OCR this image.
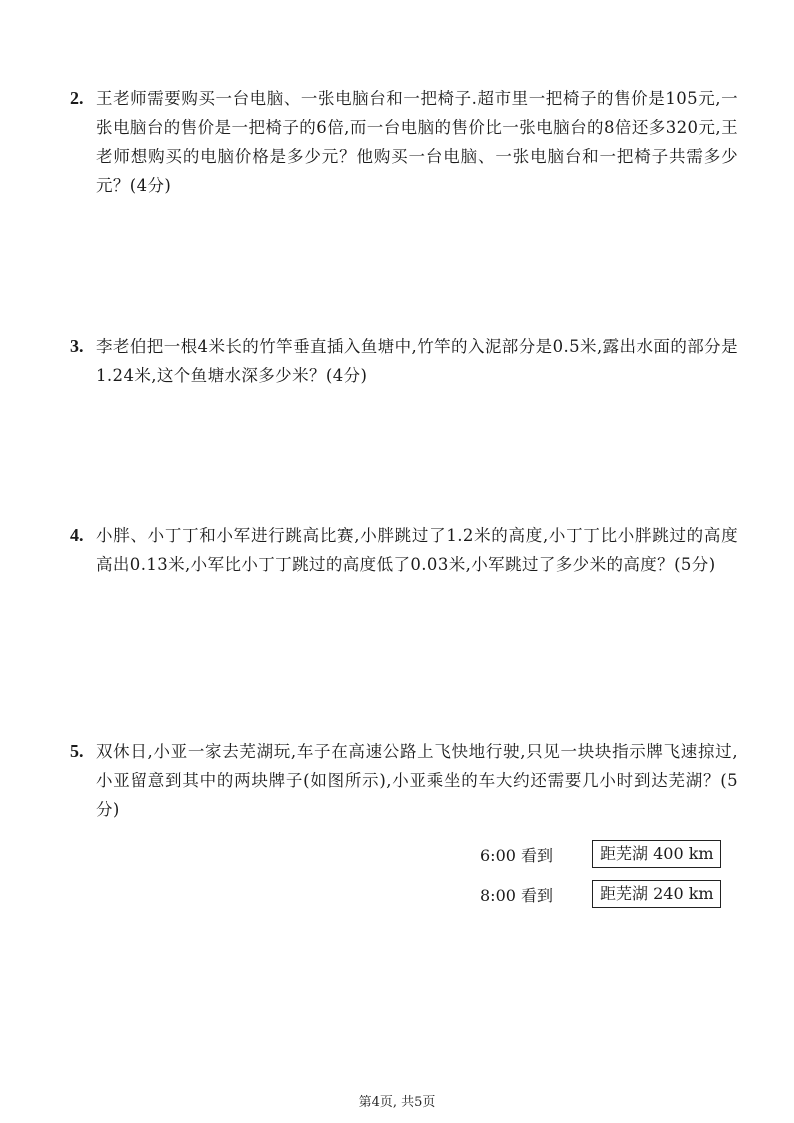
2. 王老师需要购买一台电脑、一张电脑台和一把椅子.超市里一把椅子的售价是105元,一张电脑台的售价是一把椅子的6倍,而一台电脑的售价比一张电脑台的8倍还多320元,王老师想购买的电脑价格是多少元？他购买一台电脑、一张电脑台和一把椅子共需多少元？(4分)
3. 李老伯把一根4米长的竹竿垂直插入鱼塘中,竹竿的入泥部分是0.5米,露出水面的部分是1.24米,这个鱼塘水深多少米？(4分)
4. 小胖、小丁丁和小军进行跳高比赛,小胖跳过了1.2米的高度,小丁丁比小胖跳过的高度高出0.13米,小军比小丁丁跳过的高度低了0.03米,小军跳过了多少米的高度？(5分)
5. 双休日,小亚一家去芜湖玩,车子在高速公路上飞快地行驶,只见一块块指示牌飞速掠过,小亚留意到其中的两块牌子(如图所示),小亚乘坐的车大约还需要几小时到达芜湖？(5分)
6:00 看到	距芜湖 400 km
8:00 看到	距芜湖 240 km
第4页, 共5页
